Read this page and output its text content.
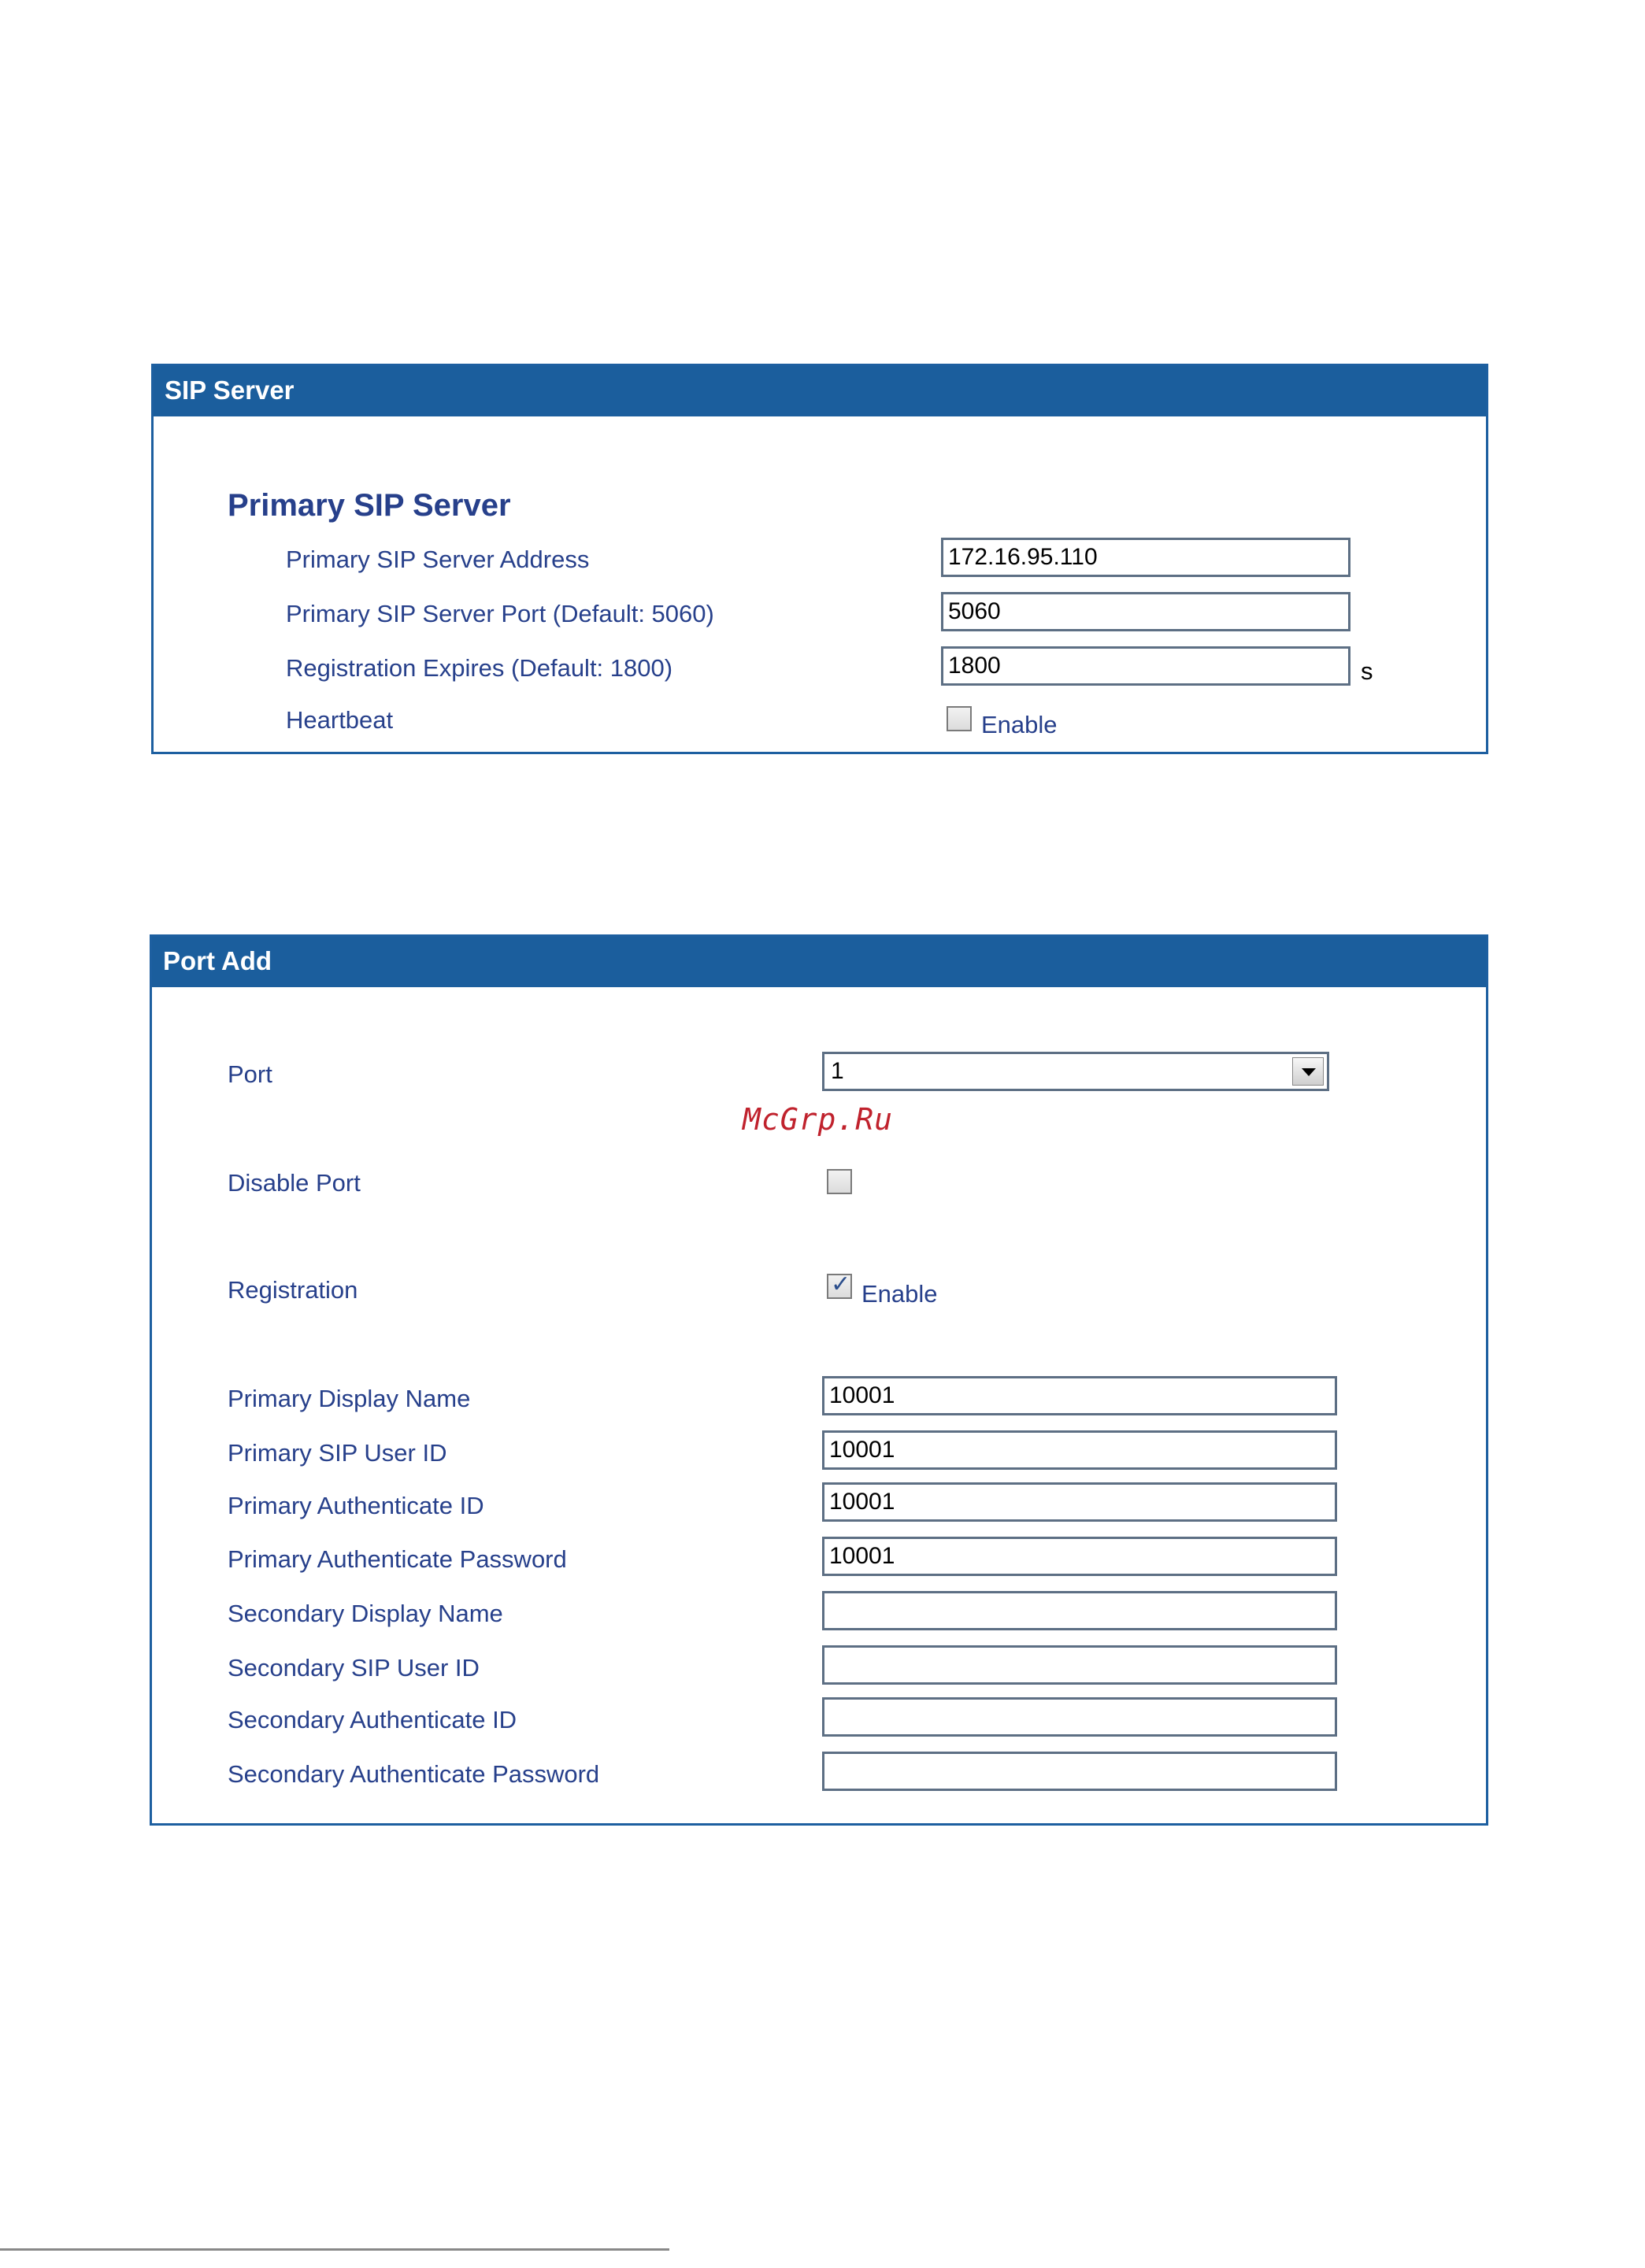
SIP Server
Primary SIP Server
Primary SIP Server Address
172.16.95.110
Primary SIP Server Port (Default: 5060)
5060
Registration Expires (Default: 1800)
1800	s
Heartbeat	Enable
Port Add
Port	1
Disable Port
Registration
✓	Enable
Primary Display Name
10001
Primary SIP User ID
10001
Primary Authenticate ID
10001
Primary Authenticate Password
10001
Secondary Display Name
Secondary SIP User ID
Secondary Authenticate ID
Secondary Authenticate Password
McGrp.Ru
